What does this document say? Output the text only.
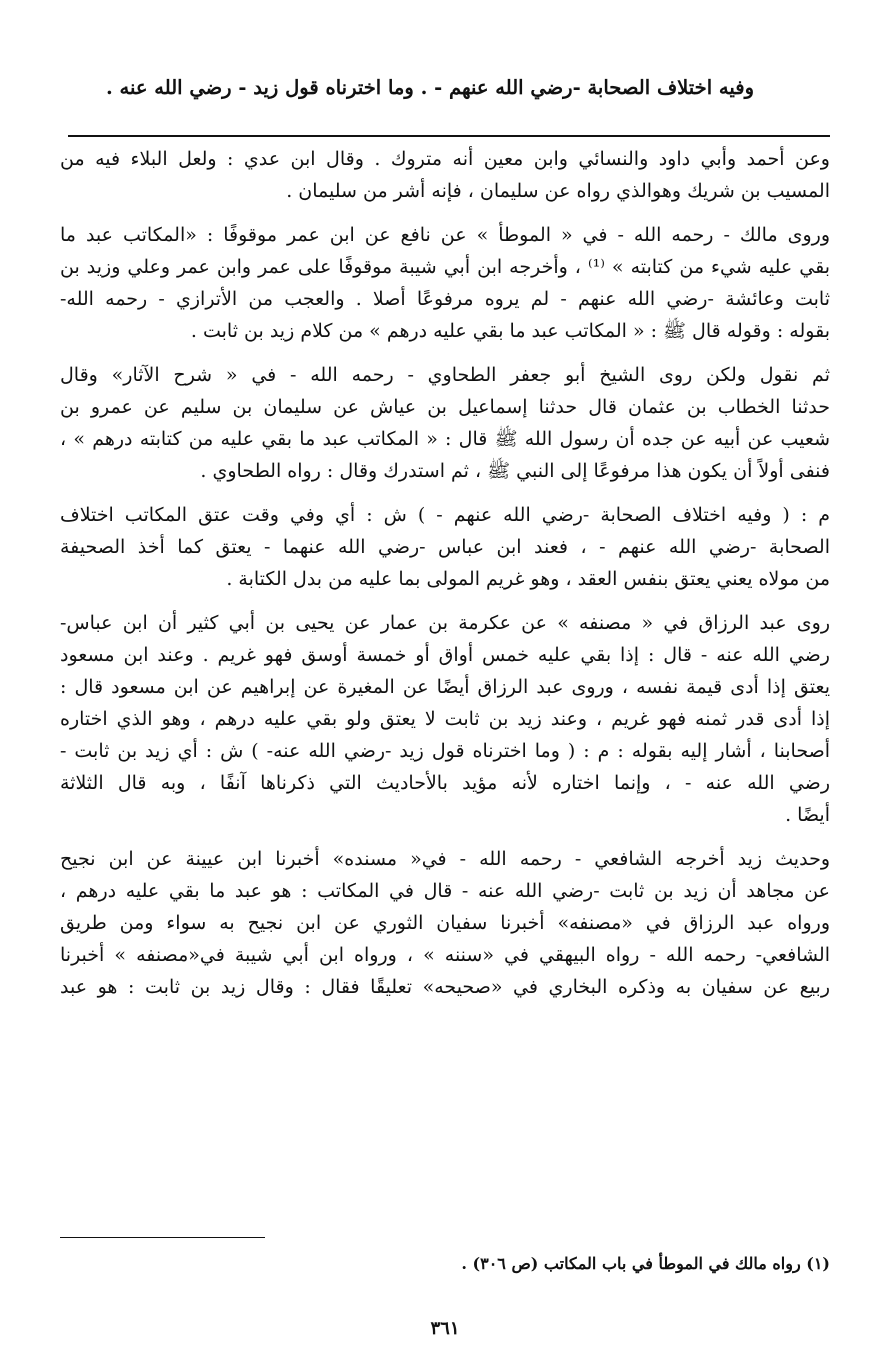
وفيه اختلاف الصحابة -رضي الله عنهم - . وما اخترناه قول زيد - رضي الله عنه .
وعن أحمد وأبي داود والنسائي وابن معين أنه متروك . وقال ابن عدي : ولعل البلاء فيه من
المسيب بن شريك وهوالذي رواه عن سليمان ، فإنه أشر من سليمان .
وروى مالك - رحمه الله - في « الموطأ » عن نافع عن ابن عمر موقوفًا : «المكاتب عبد ما
بقي عليه شيء من كتابته » ⁽¹⁾ ، وأخرجه ابن أبي شيبة موقوفًا على عمر وابن عمر وعلي وزيد بن
ثابت وعائشة -رضي الله عنهم - لم يروه مرفوعًا أصلا . والعجب من الأترازي - رحمه الله-
بقوله : وقوله قال ﷺ : « المكاتب عبد ما بقي عليه درهم » من كلام زيد بن ثابت .
ثم نقول ولكن روى الشيخ أبو جعفر الطحاوي - رحمه الله - في « شرح الآثار» وقال
حدثنا الخطاب بن عثمان قال حدثنا إسماعيل بن عياش عن سليمان بن سليم عن عمرو بن
شعيب عن أبيه عن جده أن رسول الله ﷺ قال : « المكاتب عبد ما بقي عليه من كتابته درهم » ،
فنفى أولاً أن يكون هذا مرفوعًا إلى النبي ﷺ ، ثم استدرك وقال : رواه الطحاوي .
م : ( وفيه اختلاف الصحابة -رضي الله عنهم - ) ش : أي وفي وقت عتق المكاتب اختلاف
الصحابة -رضي الله عنهم - ، فعند ابن عباس -رضي الله عنهما - يعتق كما أخذ الصحيفة
من مولاه يعني يعتق بنفس العقد ، وهو غريم المولى بما عليه من بدل الكتابة .
روى عبد الرزاق في « مصنفه » عن عكرمة بن عمار عن يحيى بن أبي كثير أن ابن عباس-
رضي الله عنه - قال : إذا بقي عليه خمس أواق أو خمسة أوسق فهو غريم . وعند ابن مسعود
يعتق إذا أدى قيمة نفسه ، وروى عبد الرزاق أيضًا عن المغيرة عن إبراهيم عن ابن مسعود قال :
إذا أدى قدر ثمنه فهو غريم ، وعند زيد بن ثابت لا يعتق ولو بقي عليه درهم ، وهو الذي اختاره
أصحابنا ، أشار إليه بقوله : م : ( وما اخترناه قول زيد -رضي الله عنه- ) ش : أي زيد بن ثابت -
رضي الله عنه - ، وإنما اختاره لأنه مؤيد بالأحاديث التي ذكرناها آنفًا ، وبه قال الثلاثة
أيضًا .
وحديث زيد أخرجه الشافعي - رحمه الله - في« مسنده» أخبرنا ابن عيينة عن ابن نجيح
عن مجاهد أن زيد بن ثابت -رضي الله عنه - قال في المكاتب : هو عبد ما بقي عليه درهم ،
ورواه عبد الرزاق في «مصنفه» أخبرنا سفيان الثوري عن ابن نجيح به سواء ومن طريق
الشافعي- رحمه الله - رواه البيهقي في «سننه » ، ورواه ابن أبي شيبة في«مصنفه » أخبرنا
ربيع عن سفيان به وذكره البخاري في «صحيحه» تعليقًا فقال : وقال زيد بن ثابت : هو عبد
(١) رواه مالك في الموطأ في باب المكاتب (ص ٣٠٦) .
٣٦١
